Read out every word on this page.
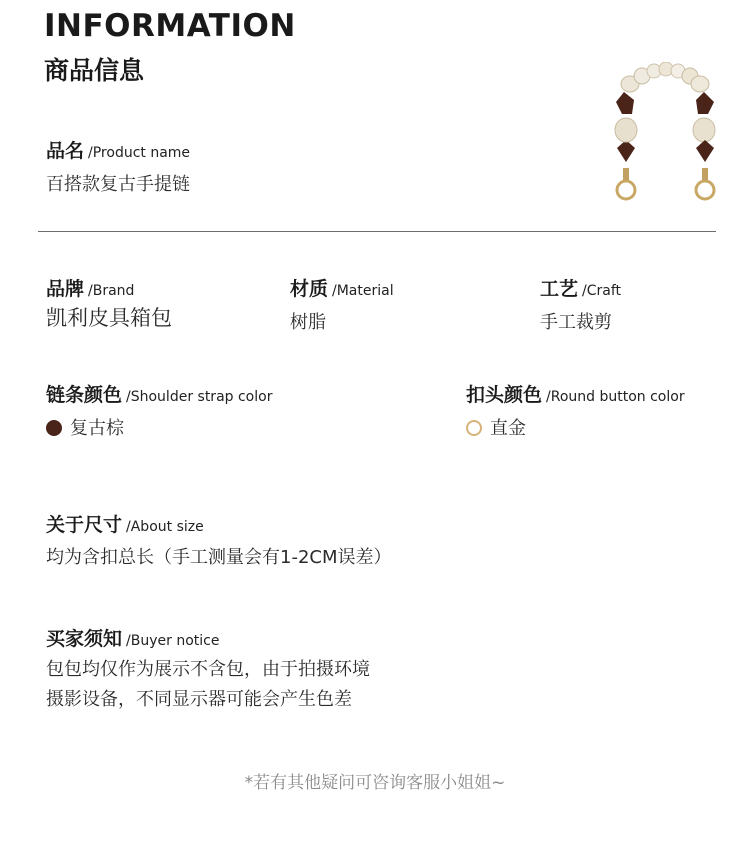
INFORMATION
商品信息
品名 /Product name
百搭款复古手提链
品牌 /Brand
凯利皮具箱包
材质 /Material
树脂
工艺 /Craft
手工裁剪
链条颜色 /Shoulder strap color
复古棕
扣头颜色 /Round button color
直金
关于尺寸 /About size
均为含扣总长（手工测量会有1-2CM误差）
买家须知 /Buyer notice
包包均仅作为展示不含包，由于拍摄环境
摄影设备，不同显示器可能会产生色差
*若有其他疑问可咨询客服小姐姐~
